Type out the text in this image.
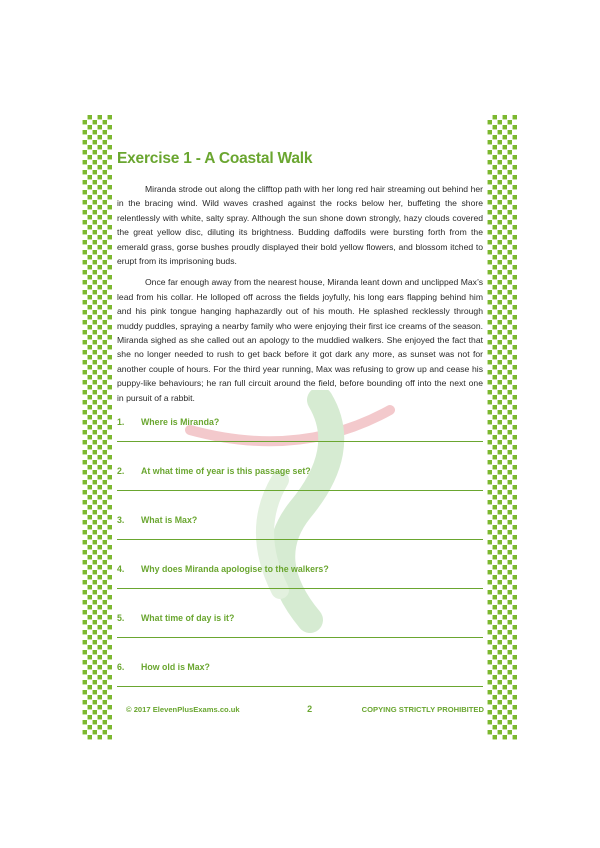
Exercise 1 - A Coastal Walk

Miranda strode out along the clifftop path with her long red hair streaming out behind her in the bracing wind. Wild waves crashed against the rocks below her, buffeting the shore relentlessly with white, salty spray. Although the sun shone down strongly, hazy clouds covered the great yellow disc, diluting its brightness. Budding daffodils were bursting forth from the emerald grass, gorse bushes proudly displayed their bold yellow flowers, and blossom itched to erupt from its imprisoning buds.

Once far enough away from the nearest house, Miranda leant down and unclipped Max’s lead from his collar. He lolloped off across the fields joyfully, his long ears flapping behind him and his pink tongue hanging haphazardly out of his mouth. He splashed recklessly through muddy puddles, spraying a nearby family who were enjoying their first ice creams of the season. Miranda sighed as she called out an apology to the muddied walkers. She enjoyed the fact that she no longer needed to rush to get back before it got dark any more, as sunset was not for another couple of hours. For the third year running, Max was refusing to grow up and cease his puppy-like behaviours; he ran full circuit around the field, before bounding off into the next one in pursuit of a rabbit.

1.	Where is Miranda?
2.	At what time of year is this passage set?
3.	What is Max?
4.	Why does Miranda apologise to the walkers?
5.	What time of day is it?
6.	How old is Max?
© 2017 ElevenPlusExams.co.uk	2	COPYING STRICTLY PROHIBITED
